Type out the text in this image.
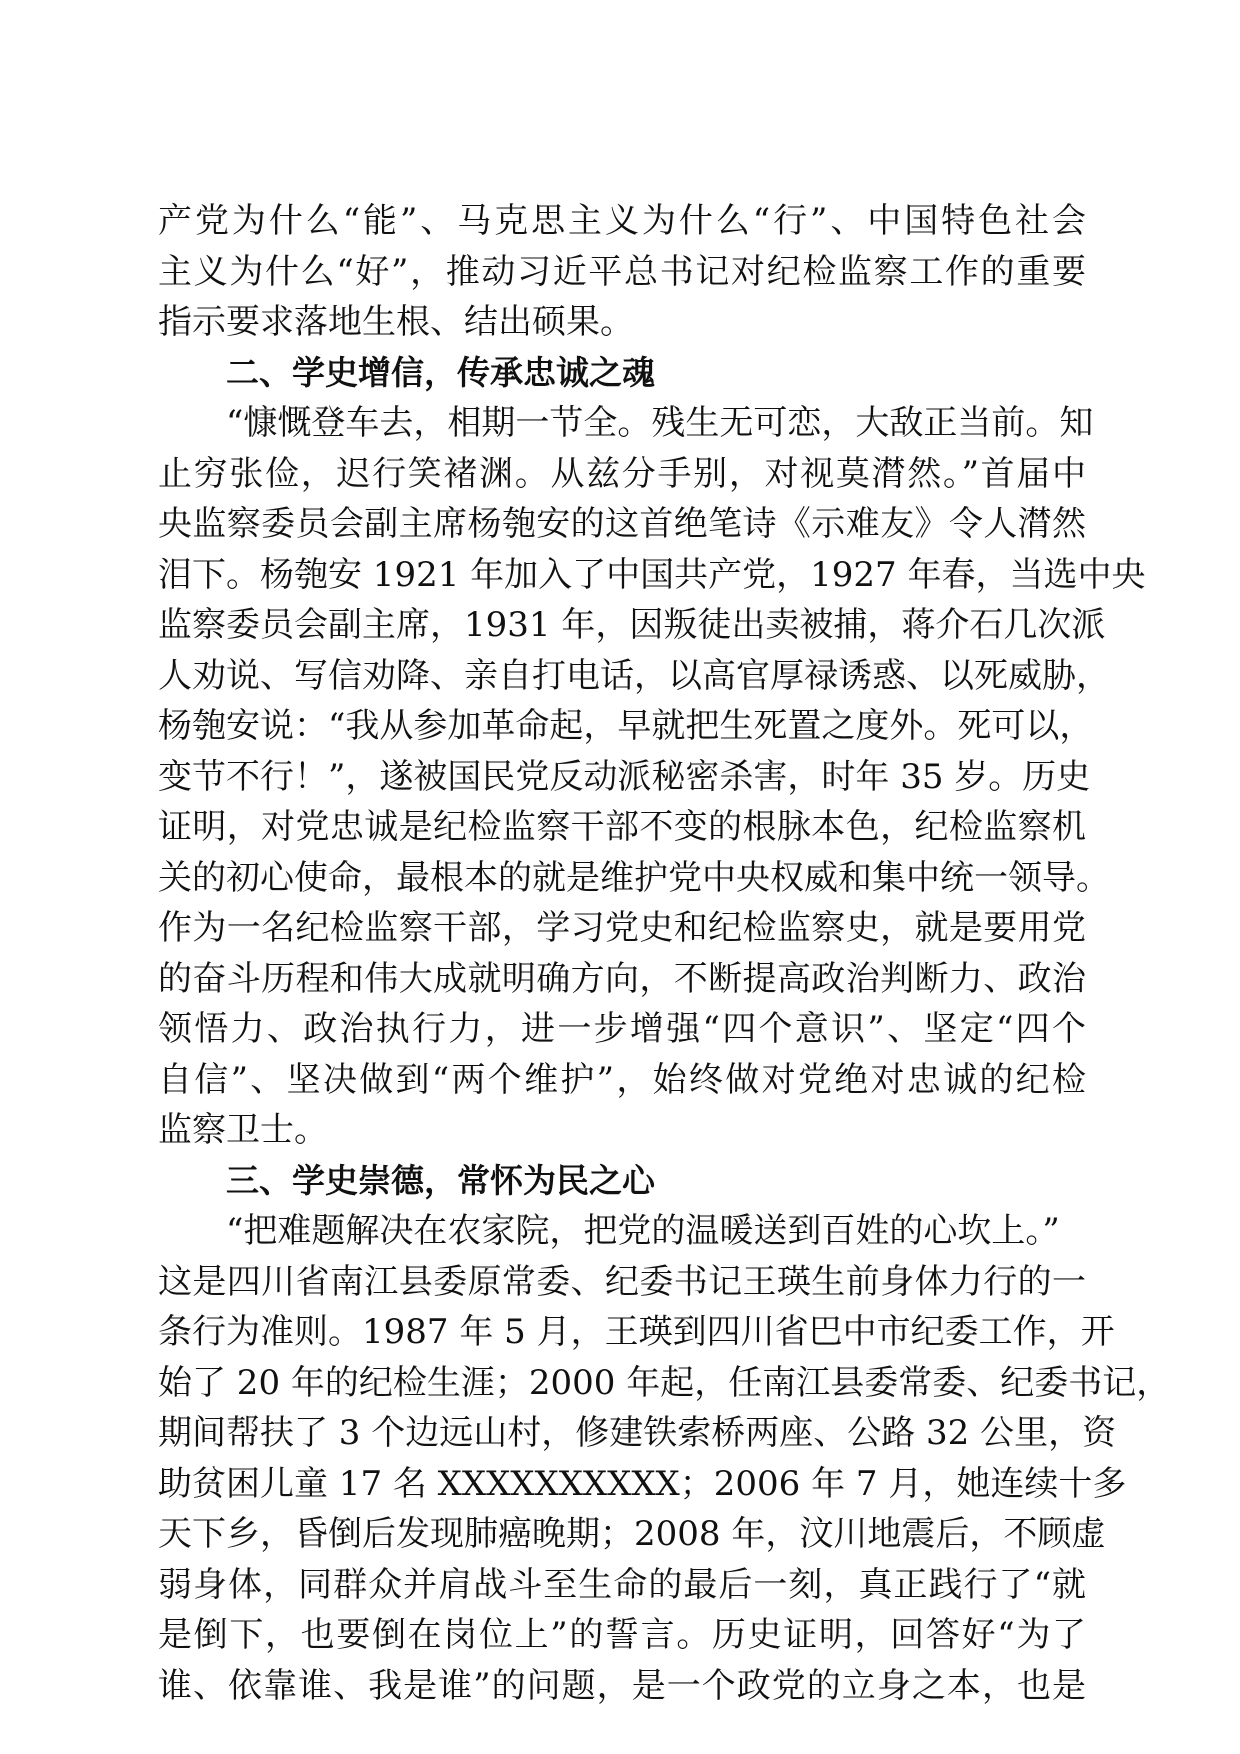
产党为什么“能”、马克思主义为什么“行”、中国特色社会
主义为什么“好”，推动习近平总书记对纪检监察工作的重要
指示要求落地生根、结出硕果。
二、学史增信，传承忠诚之魂
“慷慨登车去，相期一节全。残生无可恋，大敌正当前。知
止穷张俭，迟行笑褚渊。从兹分手别，对视莫潸然。”首届中
央监察委员会副主席杨匏安的这首绝笔诗《示难友》令人潸然
泪下。杨匏安 1921 年加入了中国共产党，1927 年春，当选中央
监察委员会副主席，1931 年，因叛徒出卖被捕，蒋介石几次派
人劝说、写信劝降、亲自打电话，以高官厚禄诱惑、以死威胁，
杨匏安说：“我从参加革命起，早就把生死置之度外。死可以，
变节不行！”，遂被国民党反动派秘密杀害，时年 35 岁。历史
证明，对党忠诚是纪检监察干部不变的根脉本色，纪检监察机
关的初心使命，最根本的就是维护党中央权威和集中统一领导。
作为一名纪检监察干部，学习党史和纪检监察史，就是要用党
的奋斗历程和伟大成就明确方向，不断提高政治判断力、政治
领悟力、政治执行力，进一步增强“四个意识”、坚定“四个
自信”、坚决做到“两个维护”，始终做对党绝对忠诚的纪检
监察卫士。
三、学史崇德，常怀为民之心
“把难题解决在农家院，把党的温暖送到百姓的心坎上。”
这是四川省南江县委原常委、纪委书记王瑛生前身体力行的一
条行为准则。1987 年 5 月，王瑛到四川省巴中市纪委工作，开
始了 20 年的纪检生涯；2000 年起，任南江县委常委、纪委书记，
期间帮扶了 3 个边远山村，修建铁索桥两座、公路 32 公里，资
助贫困儿童 17 名 XXXXXXXXXX；2006 年 7 月，她连续十多
天下乡，昏倒后发现肺癌晚期；2008 年，汶川地震后，不顾虚
弱身体，同群众并肩战斗至生命的最后一刻，真正践行了“就
是倒下，也要倒在岗位上”的誓言。历史证明，回答好“为了
谁、依靠谁、我是谁”的问题，是一个政党的立身之本，也是
